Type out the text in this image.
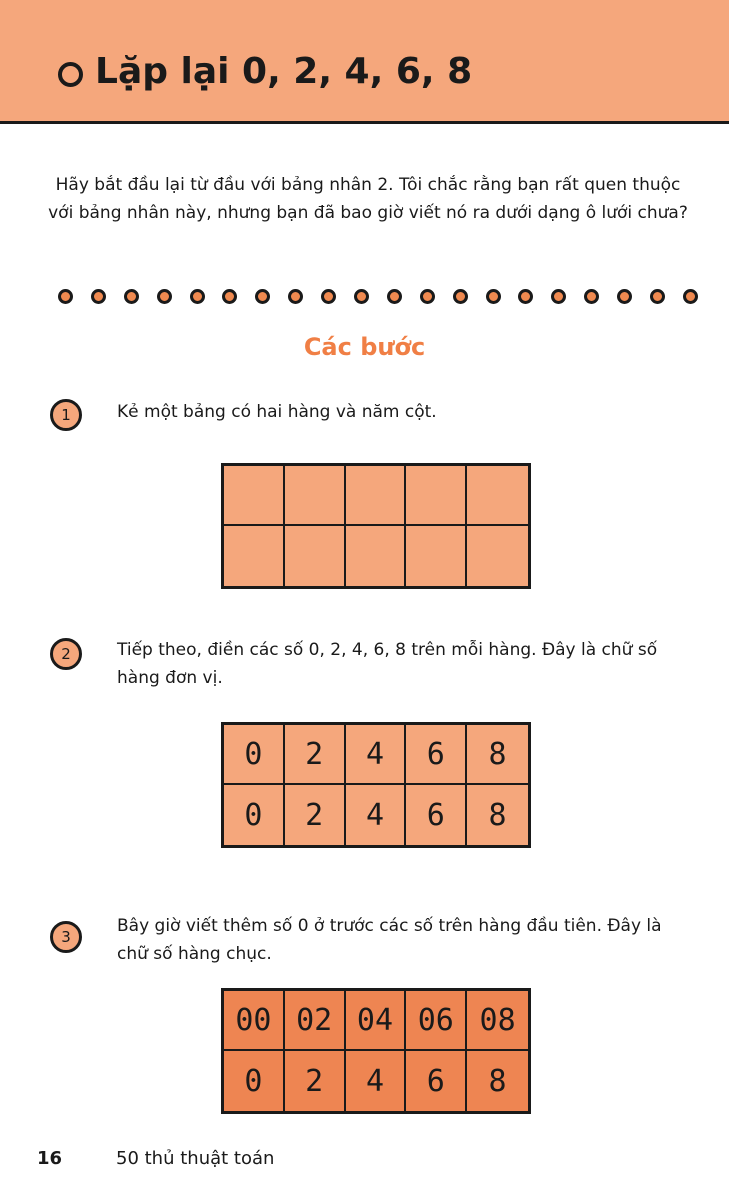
Lặp lại 0, 2, 4, 6, 8
Hãy bắt đầu lại từ đầu với bảng nhân 2. Tôi chắc rằng bạn rất quen thuộc với bảng nhân này, nhưng bạn đã bao giờ viết nó ra dưới dạng ô lưới chưa?
Các bước
1	Kẻ một bảng có hai hàng và năm cột.
2	Tiếp theo, điền các số 0, 2, 4, 6, 8 trên mỗi hàng. Đây là chữ số hàng đơn vị.
0	2	4	6	8
0	2	4	6	8
3
Bây giờ viết thêm số 0 ở trước các số trên hàng đầu tiên. Đây là chữ số hàng chục.
00 02 04 06 08
0	2	4	6	8
16	50 thủ thuật toán
